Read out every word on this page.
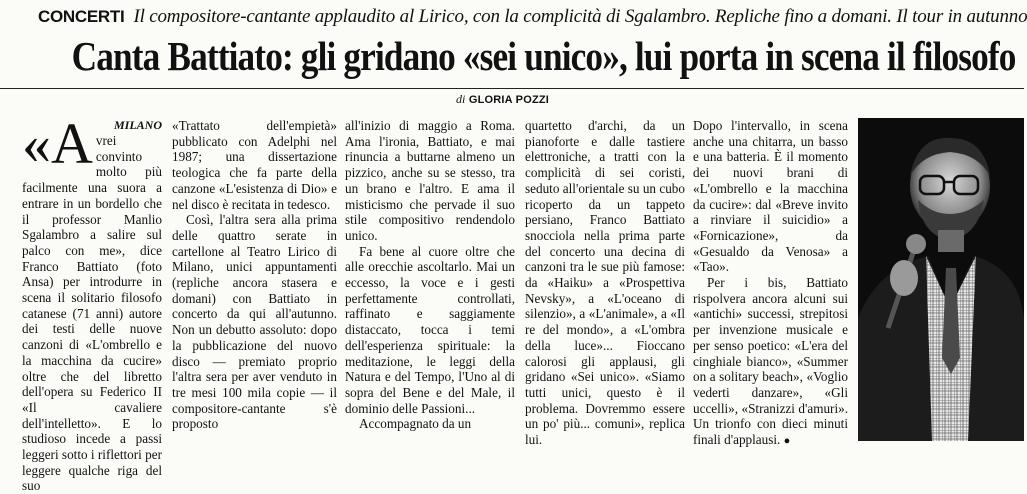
CONCERTI Il compositore-cantante applaudito al Lirico, con la complicità di Sgalambro. Repliche fino a domani. Il tour in autunno
Canta Battiato: gli gridano «sei unico», lui porta in scena il filosofo
di GLORIA POZZI
«A	MILANO

vrei convinto molto più facilmente una suora a entrare in un bordello che il professor Manlio Sgalambro a salire sul palco con me», dice Franco Battiato (foto Ansa) per introdurre in scena il solitario filosofo catanese (71 anni) autore dei testi delle nuove canzoni di «L'ombrello e la macchina da cucire» oltre che del libretto dell'opera su Federico II «Il cavaliere dell'intelletto». E lo studioso incede a passi leggeri sotto i riflettori per leggere qualche riga del suo

«Trattato dell'empietà» pubblicato con Adelphi nel 1987; una dissertazione teologica che fa parte della canzone «L'esistenza di Dio» e nel disco è recitata in tedesco.

Così, l'altra sera alla prima delle quattro serate in cartellone al Teatro Lirico di Milano, unici appuntamenti (repliche ancora stasera e domani) con Battiato in concerto da qui all'autunno. Non un debutto assoluto: dopo la pubblicazione del nuovo disco — premiato proprio l'altra sera per aver venduto in tre mesi 100 mila copie — il compositore-cantante s'è proposto

all'inizio di maggio a Roma. Ama l'ironia, Battiato, e mai rinuncia a buttarne almeno un pizzico, anche su se stesso, tra un brano e l'altro. E ama il misticismo che pervade il suo stile compositivo rendendolo unico.

Fa bene al cuore oltre che alle orecchie ascoltarlo. Mai un eccesso, la voce e i gesti perfettamente controllati, raffinato e saggiamente distaccato, tocca i temi dell'esperienza spirituale: la meditazione, le leggi della Natura e del Tempo, l'Uno al di sopra del Bene e del Male, il dominio delle Passioni...

Accompagnato da un

quartetto d'archi, da un pianoforte e dalle tastiere elettroniche, a tratti con la complicità di sei coristi, seduto all'orientale su un cubo ricoperto da un tappeto persiano, Franco Battiato snocciola nella prima parte del concerto una decina di canzoni tra le sue più famose: da «Haiku» a «Prospettiva Nevsky», a «L'oceano di silenzio», a «L'animale», a «Il re del mondo», a «L'ombra della luce»... Fioccano calorosi gli applausi, gli gridano «Sei unico». «Siamo tutti unici, questo è il problema. Dovremmo essere un po' più... comuni», replica lui.

Dopo l'intervallo, in scena anche una chitarra, un basso e una batteria. È il momento dei nuovi brani di «L'ombrello e la macchina da cucire»: dal «Breve invito a rinviare il suicidio» a «Fornicazione», da «Gesualdo da Venosa» a «Tao».

Per i bis, Battiato rispolvera ancora alcuni sui «antichi» successi, strepitosi per invenzione musicale e per senso poetico: «L'era del cinghiale bianco», «Summer on a solitary beach», «Voglio vederti danzare», «Gli uccelli», «Stranizzi d'amuri». Un trionfo con dieci minuti finali d'applausi. ●
